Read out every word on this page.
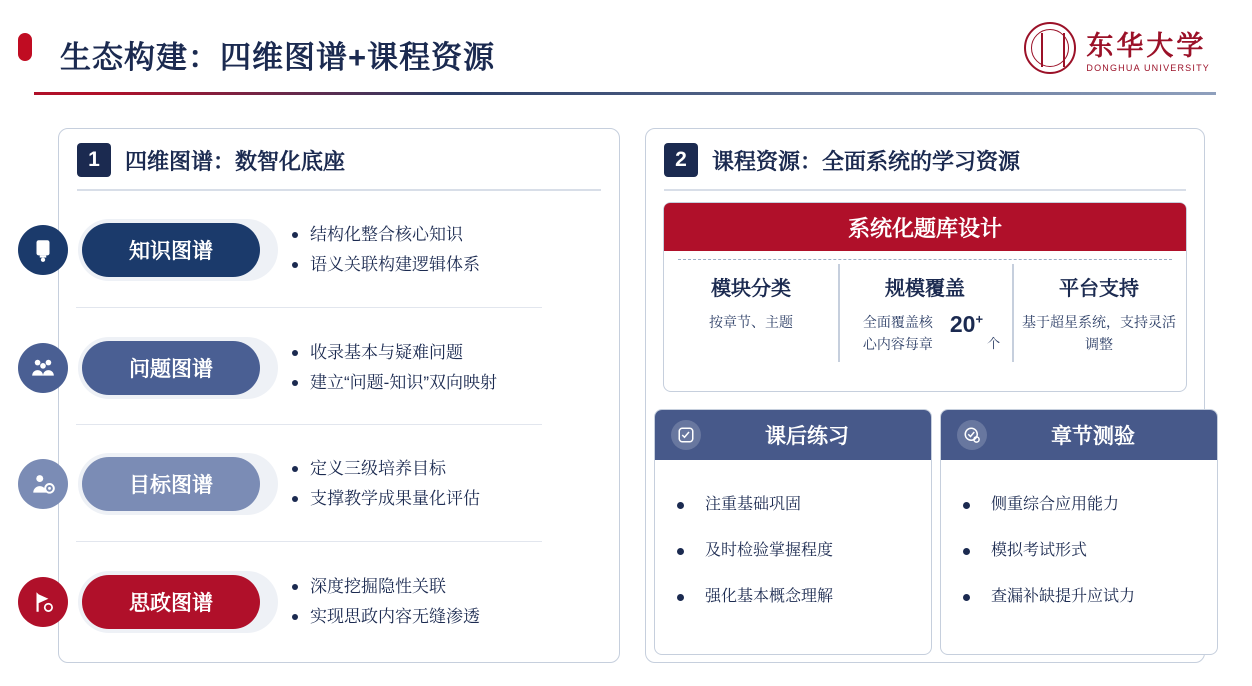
生态构建：四维图谱+课程资源	东华大学
DONGHUA UNIVERSITY
1	四维图谱：数智化底座
知识图谱
结构化整合核心知识
语义关联构建逻辑体系
问题图谱
收录基本与疑难问题
建立“问题-知识”双向映射
目标图谱
定义三级培养目标
支撑教学成果量化评估
思政图谱
深度挖掘隐性关联
实现思政内容无缝渗透
2	课程资源：全面系统的学习资源
系统化题库设计
模块分类
按章节、主题
规模覆盖
全面覆盖核心内容每章
20+
个
平台支持
基于超星系统，支持灵活调整
课后练习
注重基础巩固
及时检验掌握程度
强化基本概念理解
章节测验
侧重综合应用能力
模拟考试形式
查漏补缺提升应试力
